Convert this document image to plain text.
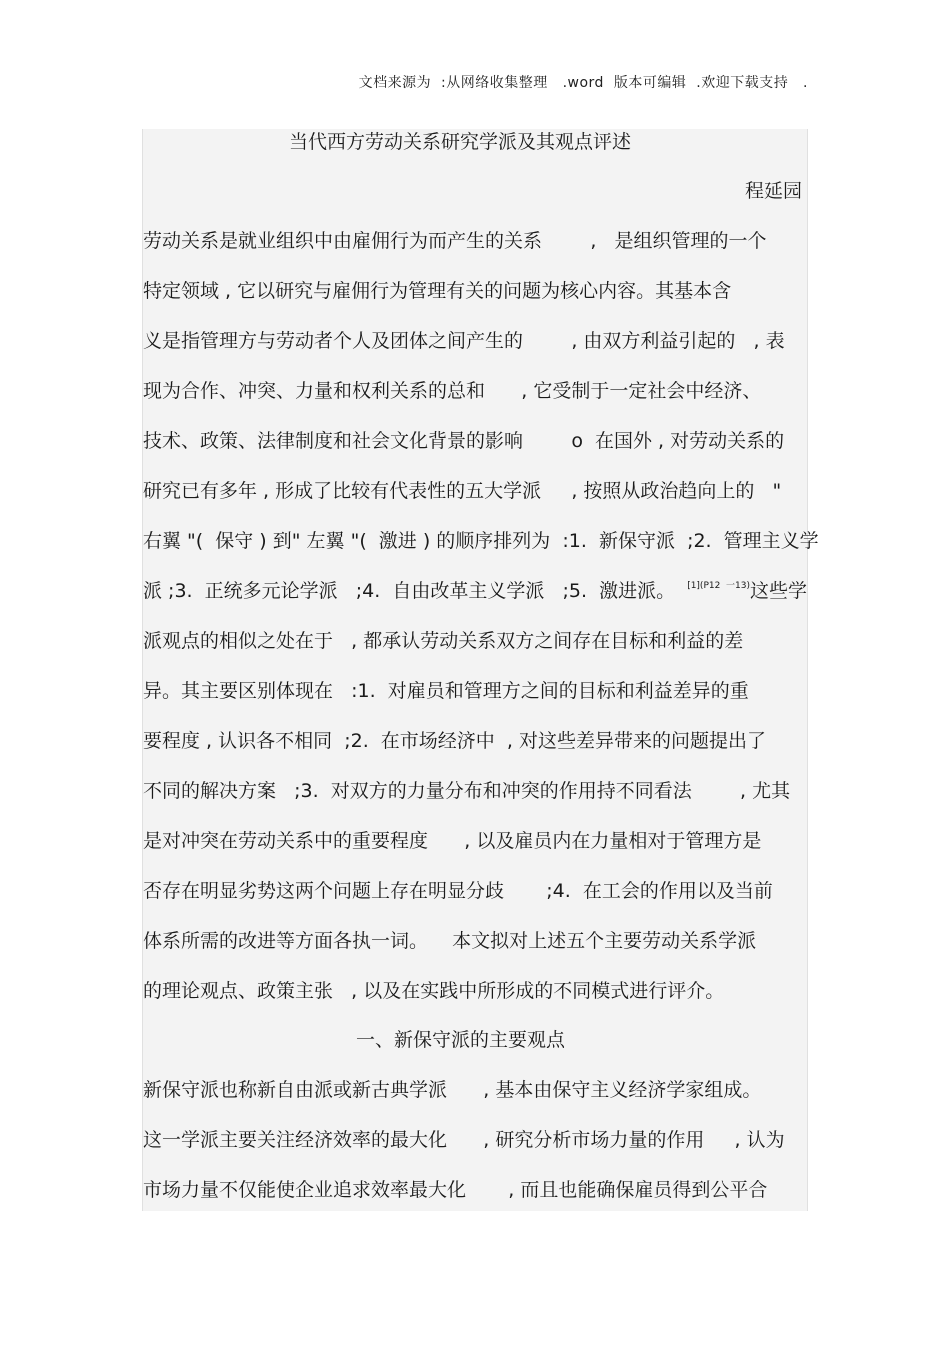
文档来源为  :从网络收集整理   .word  版本可编辑  .欢迎下载支持   .
当代西方劳动关系研究学派及其观点评述
程延园
劳动关系是就业组织中由雇佣行为而产生的关系        ,   是组织管理的一个
特定领域 , 它以研究与雇佣行为管理有关的问题为核心内容。其基本含
义是指管理方与劳动者个人及团体之间产生的        , 由双方利益引起的   , 表
现为合作、冲突、力量和权利关系的总和      , 它受制于一定社会中经济、
技术、政策、法律制度和社会文化背景的影响        o  在国外 , 对劳动关系的
研究已有多年 , 形成了比较有代表性的五大学派     , 按照从政治趋向上的   "
右翼 "(  保守 ) 到" 左翼 "(  激进 ) 的顺序排列为  :1.  新保守派  ;2.  管理主义学
派 ;3.  正统多元论学派   ;4.  自由改革主义学派   ;5.  激进派。  $^{[1](P12 一13)}$这些学
派观点的相似之处在于   , 都承认劳动关系双方之间存在目标和利益的差
异。其主要区别体现在   :1.  对雇员和管理方之间的目标和利益差异的重
要程度 , 认识各不相同  ;2.  在市场经济中  , 对这些差异带来的问题提出了
不同的解决方案   ;3.  对双方的力量分布和冲突的作用持不同看法        , 尤其
是对冲突在劳动关系中的重要程度      , 以及雇员内在力量相对于管理方是
否存在明显劣势这两个问题上存在明显分歧       ;4.  在工会的作用以及当前
体系所需的改进等方面各执一词。    本文拟对上述五个主要劳动关系学派
的理论观点、政策主张   , 以及在实践中所形成的不同模式进行评介。
一、新保守派的主要观点
新保守派也称新自由派或新古典学派      , 基本由保守主义经济学家组成。
这一学派主要关注经济效率的最大化      , 研究分析市场力量的作用     , 认为
市场力量不仅能使企业追求效率最大化       , 而且也能确保雇员得到公平合
